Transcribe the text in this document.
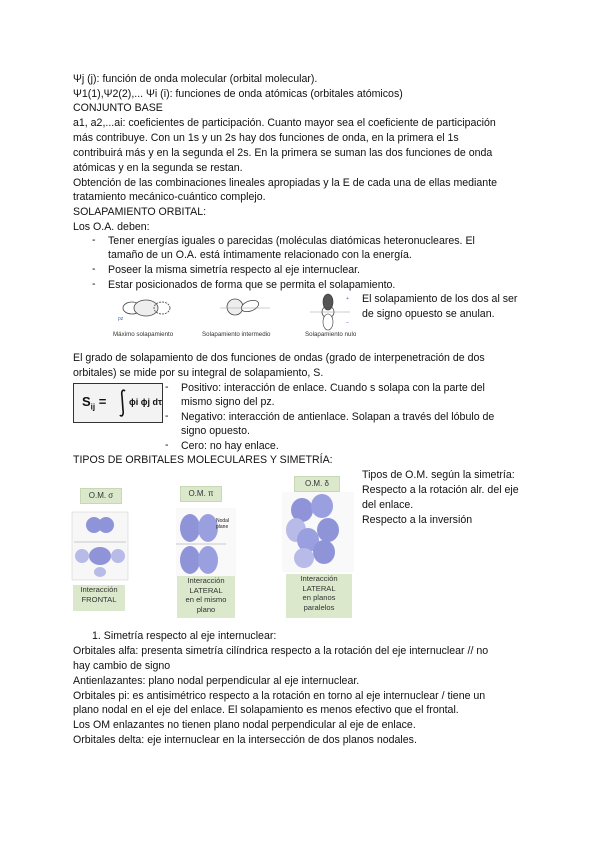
Ψj (j): función de onda molecular (orbital molecular).
Ψ1(1),Ψ2(2),... Ψi (i): funciones de onda atómicas (orbitales atómicos)
CONJUNTO BASE
a1, a2,...ai: coeficientes de participación. Cuanto mayor sea el coeficiente de participación
más contribuye. Con un 1s y un 2s hay dos funciones de onda, en la primera el 1s
contribuirá más y en la segunda el 2s. En la primera se suman las dos funciones de onda
atómicas y en la segunda se restan.
Obtención de las combinaciones lineales apropiadas y la E de cada una de ellas mediante
tratamiento mecánico-cuántico complejo.
SOLAPAMIENTO ORBITAL:
Los O.A. deben:
- Tener energías iguales o parecidas (moléculas diatómicas heteronucleares. El
tamaño de un O.A. está íntimamente relacionado con la energía.
- Poseer la misma simetría respecto al eje internuclear.
- Estar posicionados de forma que se permita el solapamiento.
pz
+
–
Máximo solapamiento	Solapamiento intermedio	Solapamiento nulo
El solapamiento de los dos al ser
de signo opuesto se anulan.
El grado de solapamiento de dos funciones de ondas (grado de interpenetración de dos
orbitales) se mide por su integral de solapamiento, S.
$S_{ij}$ =	ϕi ϕj dτ
- Positivo: interacción de enlace. Cuando s solapa con la parte del
mismo signo del pz.
- Negativo: interacción de antienlace. Solapan a través del lóbulo de
signo opuesto.
- Cero: no hay enlace.
TIPOS DE ORBITALES MOLECULARES Y SIMETRÍA:
O.M. σ
Interacción
FRONTAL
O.M. π
Nodal plane
Interacción
LATERAL
en el mismo
plano
O.M. δ
Interacción
LATERAL
en planos
paralelos
Tipos de O.M. según la simetría:
Respecto a la rotación alr. del eje
del enlace.
Respecto a la inversión
1. Simetría respecto al eje internuclear:
Orbitales alfa: presenta simetría cilíndrica respecto a la rotación del eje internuclear // no
hay cambio de signo
Antienlazantes: plano nodal perpendicular al eje internuclear.
Orbitales pi: es antisimétrico respecto a la rotación en torno al eje internuclear / tiene un
plano nodal en el eje del enlace. El solapamiento es menos efectivo que el frontal.
Los OM enlazantes no tienen plano nodal perpendicular al eje de enlace.
Orbitales delta: eje internuclear en la intersección de dos planos nodales.
